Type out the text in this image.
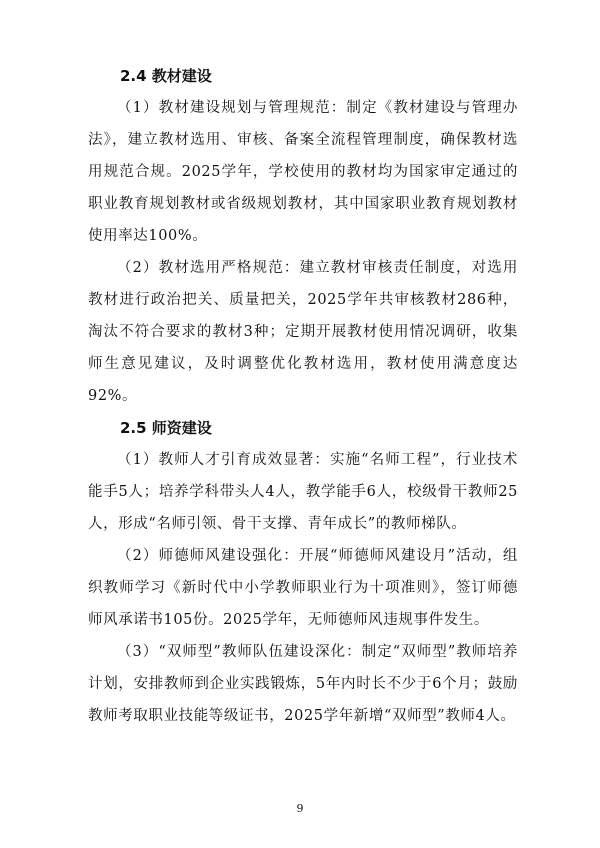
2.4 教材建设

（1）教材建设规划与管理规范：制定《教材建设与管理办法》，建立教材选用、审核、备案全流程管理制度，确保教材选用规范合规。2025学年，学校使用的教材均为国家审定通过的职业教育规划教材或省级规划教材，其中国家职业教育规划教材使用率达100%。

（2）教材选用严格规范：建立教材审核责任制度，对选用教材进行政治把关、质量把关，2025学年共审核教材286种，淘汰不符合要求的教材3种；定期开展教材使用情况调研，收集师生意见建议，及时调整优化教材选用，教材使用满意度达92%。

2.5 师资建设

（1）教师人才引育成效显著：实施“名师工程”，行业技术能手5人；培养学科带头人4人，教学能手6人，校级骨干教师25人，形成“名师引领、骨干支撑、青年成长”的教师梯队。

（2）师德师风建设强化：开展“师德师风建设月”活动，组织教师学习《新时代中小学教师职业行为十项准则》，签订师德师风承诺书105份。2025学年，无师德师风违规事件发生。

（3）“双师型”教师队伍建设深化：制定“双师型”教师培养计划，安排教师到企业实践锻炼，5年内时长不少于6个月；鼓励教师考取职业技能等级证书，2025学年新增“双师型”教师4人。

9
